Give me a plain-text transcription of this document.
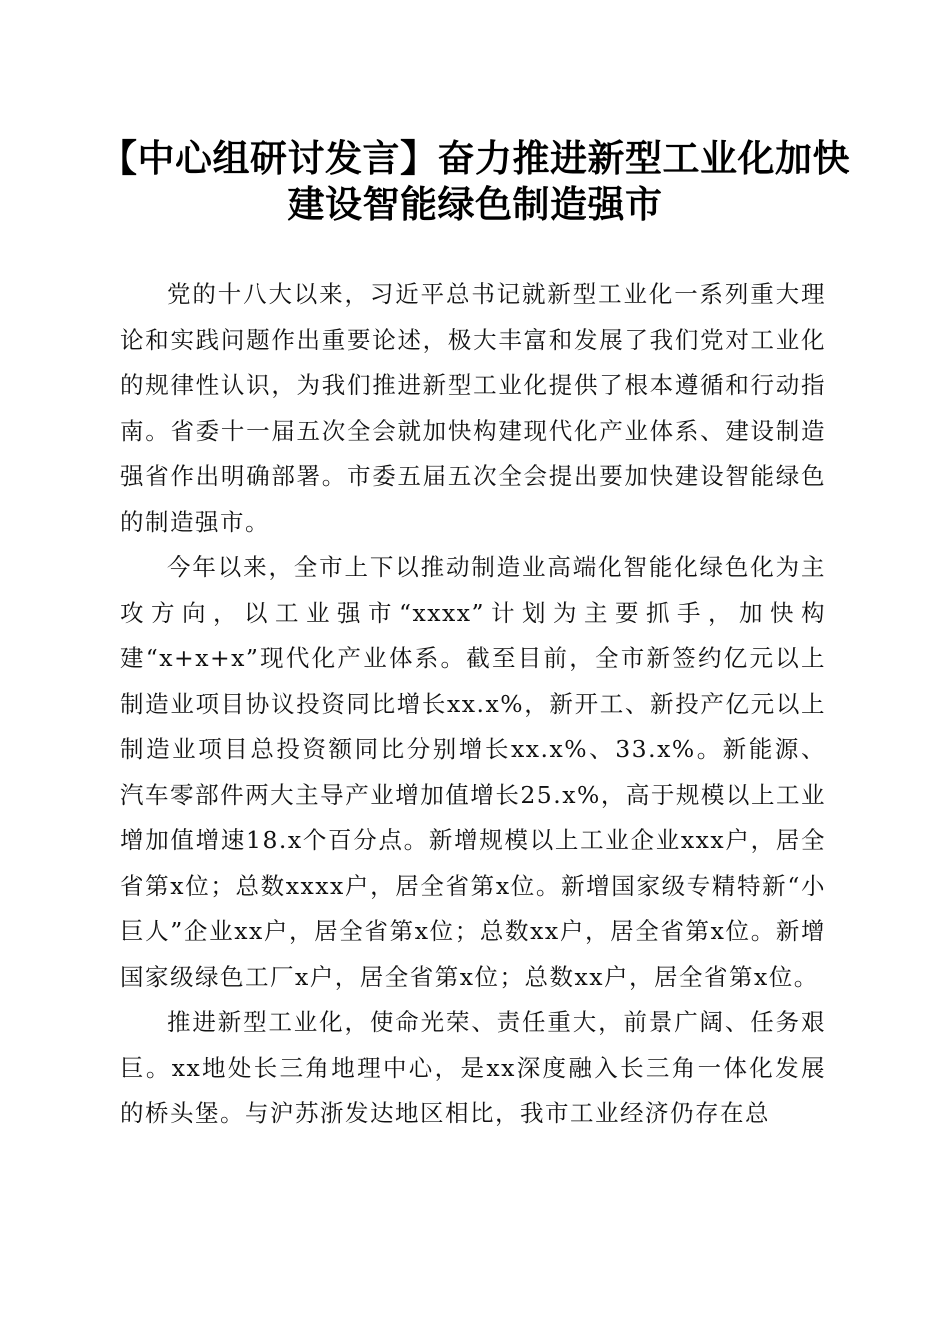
【中心组研讨发言】奋力推进新型工业化加快
建设智能绿色制造强市

党的十八大以来，习近平总书记就新型工业化一系列重大理论和实践问题作出重要论述，极大丰富和发展了我们党对工业化的规律性认识，为我们推进新型工业化提供了根本遵循和行动指南。省委十一届五次全会就加快构建现代化产业体系、建设制造强省作出明确部署。市委五届五次全会提出要加快建设智能绿色的制造强市。

今年以来，全市上下以推动制造业高端化智能化绿色化为主攻方向，以工业强市“xxxx”计划为主要抓手，加快构建“x+x+x”现代化产业体系。截至目前，全市新签约亿元以上制造业项目协议投资同比增长xx.x%，新开工、新投产亿元以上制造业项目总投资额同比分别增长xx.x%、33.x%。新能源、汽车零部件两大主导产业增加值增长25.x%，高于规模以上工业增加值增速18.x个百分点。新增规模以上工业企业xxx户，居全省第x位；总数xxxx户，居全省第x位。新增国家级专精特新“小巨人”企业xx户，居全省第x位；总数xx户，居全省第x位。新增国家级绿色工厂x户，居全省第x位；总数xx户，居全省第x位。

推进新型工业化，使命光荣、责任重大，前景广阔、任务艰巨。xx地处长三角地理中心，是xx深度融入长三角一体化发展的桥头堡。与沪苏浙发达地区相比，我市工业经济仍存在总
